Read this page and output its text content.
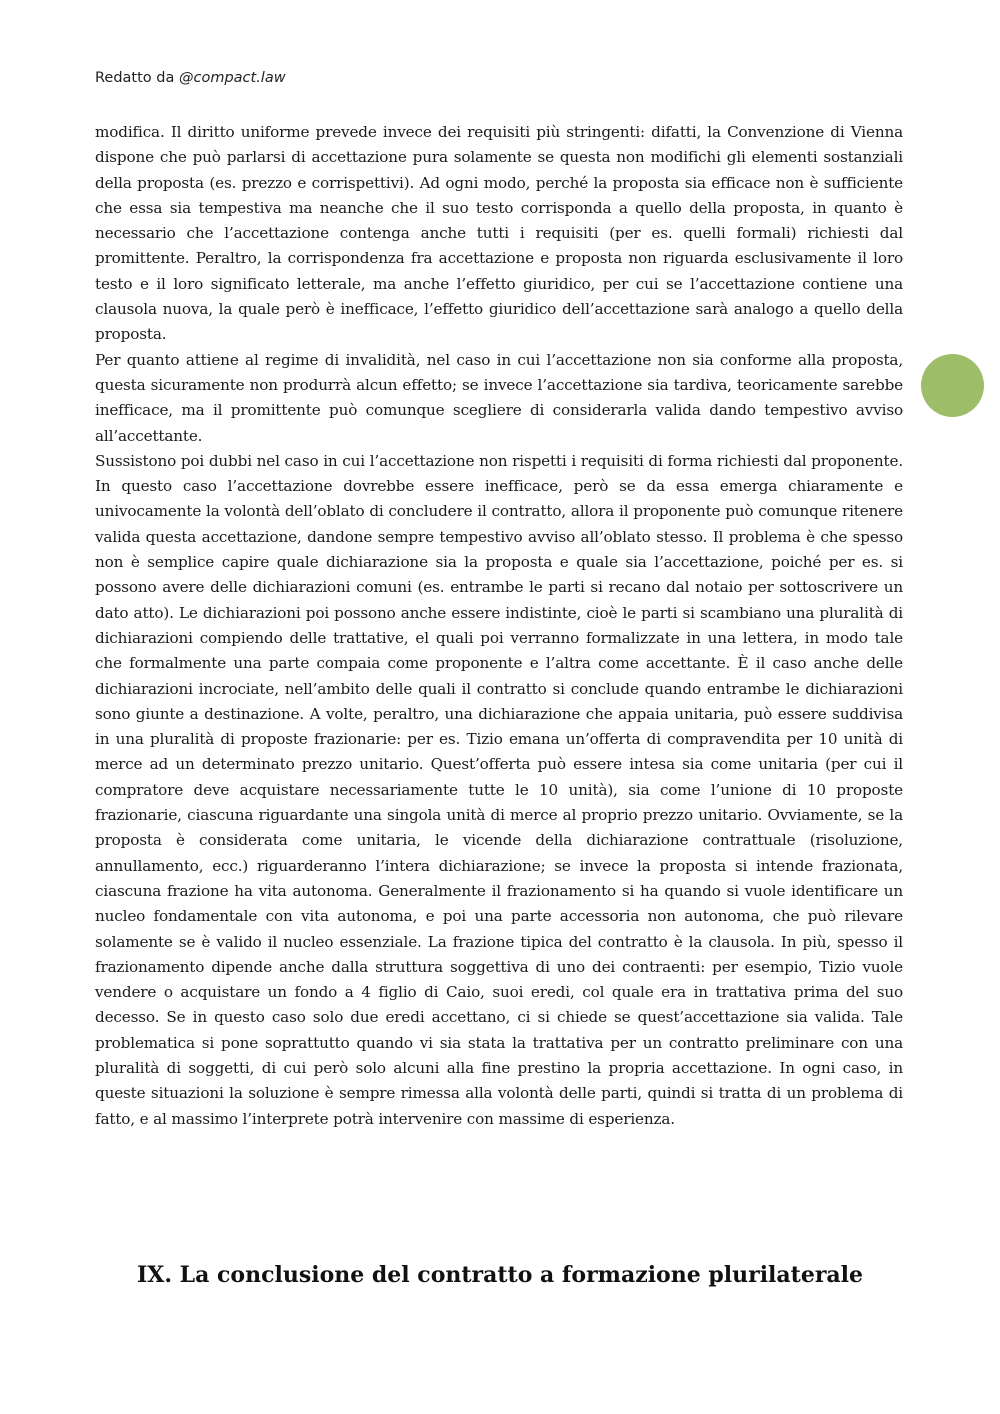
Redatto da @compact.law

modifica. Il diritto uniforme prevede invece dei requisiti più stringenti: difatti, la Convenzione di Vienna dispone che può parlarsi di accettazione pura solamente se questa non modifichi gli elementi sostanziali della proposta (es. prezzo e corrispettivi). Ad ogni modo, perché la proposta sia efficace non è sufficiente che essa sia tempestiva ma neanche che il suo testo corrisponda a quello della proposta, in quanto è necessario che l’accettazione contenga anche tutti i requisiti (per es. quelli formali) richiesti dal promittente. Peraltro, la corrispondenza fra accettazione e proposta non riguarda esclusivamente il loro testo e il loro significato letterale, ma anche l’effetto giuridico, per cui se l’accettazione contiene una clausola nuova, la quale però è inefficace, l’effetto giuridico dell’accettazione sarà analogo a quello della proposta.

Per quanto attiene al regime di invalidità, nel caso in cui l’accettazione non sia conforme alla proposta, questa sicuramente non produrrà alcun effetto; se invece l’accettazione sia tardiva, teoricamente sarebbe inefficace, ma il promittente può comunque scegliere di considerarla valida dando tempestivo avviso all’accettante.

Sussistono poi dubbi nel caso in cui l’accettazione non rispetti i requisiti di forma richiesti dal proponente. In questo caso l’accettazione dovrebbe essere inefficace, però se da essa emerga chiaramente e univocamente la volontà dell’oblato di concludere il contratto, allora il proponente può comunque ritenere valida questa accettazione, dandone sempre tempestivo avviso all’oblato stesso. Il problema è che spesso non è semplice capire quale dichiarazione sia la proposta e quale sia l’accettazione, poiché per es. si possono avere delle dichiarazioni comuni (es. entrambe le parti si recano dal notaio per sottoscrivere un dato atto). Le dichiarazioni poi possono anche essere indistinte, cioè le parti si scambiano una pluralità di dichiarazioni compiendo delle trattative, el quali poi verranno formalizzate in una lettera, in modo tale che formalmente una parte compaia come proponente e l’altra come accettante. È il caso anche delle dichiarazioni incrociate, nell’ambito delle quali il contratto si conclude quando entrambe le dichiarazioni sono giunte a destinazione. A volte, peraltro, una dichiarazione che appaia unitaria, può essere suddivisa in una pluralità di proposte frazionarie: per es. Tizio emana un’offerta di compravendita per 10 unità di merce ad un determinato prezzo unitario. Quest’offerta può essere intesa sia come unitaria (per cui il compratore deve acquistare necessariamente tutte le 10 unità), sia come l’unione di 10 proposte frazionarie, ciascuna riguardante una singola unità di merce al proprio prezzo unitario. Ovviamente, se la proposta è considerata come unitaria, le vicende della dichiarazione contrattuale (risoluzione, annullamento, ecc.) riguarderanno l’intera dichiarazione; se invece la proposta si intende frazionata, ciascuna frazione ha vita autonoma. Generalmente il frazionamento si ha quando si vuole identificare un nucleo fondamentale con vita autonoma, e poi una parte accessoria non autonoma, che può rilevare solamente se è valido il nucleo essenziale. La frazione tipica del contratto è la clausola. In più, spesso il frazionamento dipende anche dalla struttura soggettiva di uno dei contraenti: per esempio, Tizio vuole vendere o acquistare un fondo a 4 figlio di Caio, suoi eredi, col quale era in trattativa prima del suo decesso. Se in questo caso solo due eredi accettano, ci si chiede se quest’accettazione sia valida. Tale problematica si pone soprattutto quando vi sia stata la trattativa per un contratto preliminare con una pluralità di soggetti, di cui però solo alcuni alla fine prestino la propria accettazione. In ogni caso, in queste situazioni la soluzione è sempre rimessa alla volontà delle parti, quindi si tratta di un problema di fatto, e al massimo l’interprete potrà intervenire con massime di esperienza.

IX. La conclusione del contratto a formazione plurilaterale
